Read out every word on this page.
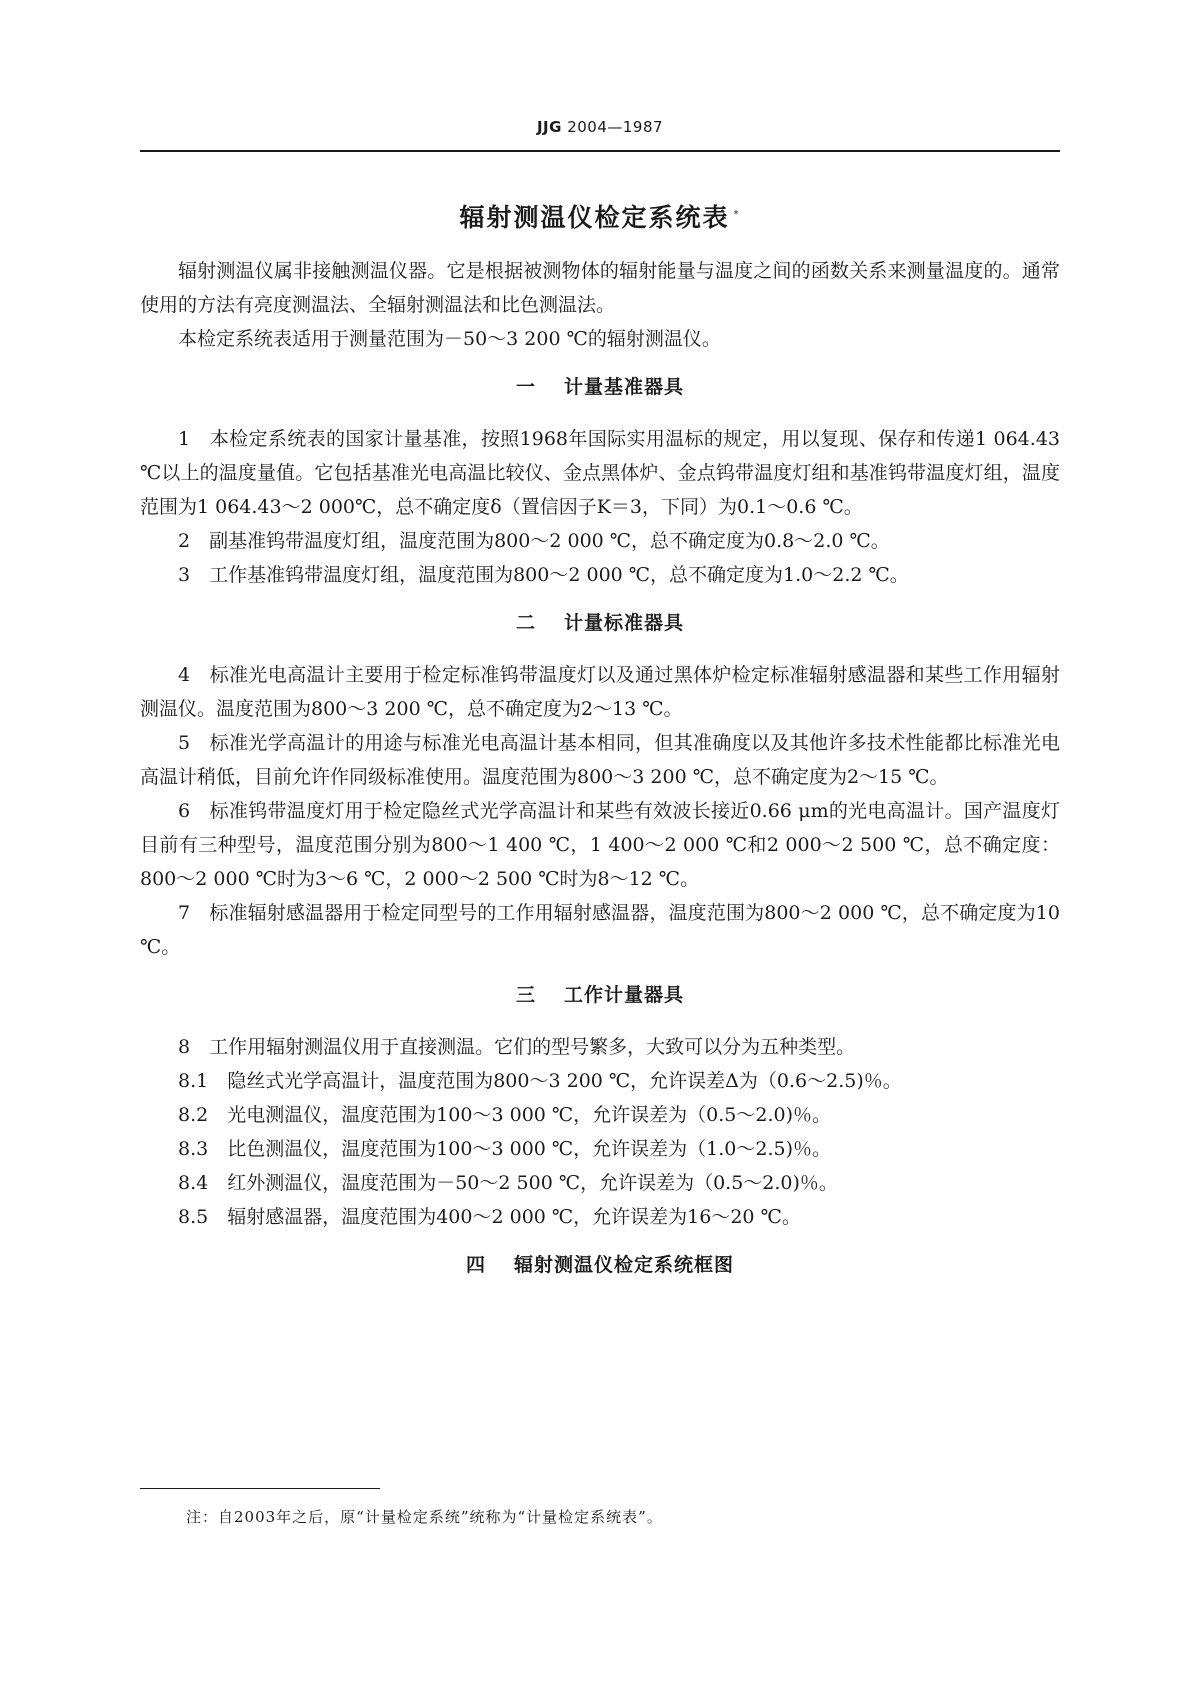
JJG 2004—1987
辐射测温仪检定系统表 *

辐射测温仪属非接触测温仪器。它是根据被测物体的辐射能量与温度之间的函数关系来测量温度的。通常使用的方法有亮度测温法、全辐射测温法和比色测温法。

本检定系统表适用于测量范围为－50～3 200 ℃的辐射测温仪。

一 计量基准器具

1　本检定系统表的国家计量基准，按照1968年国际实用温标的规定，用以复现、保存和传递1 064.43 ℃以上的温度量值。它包括基准光电高温比较仪、金点黑体炉、金点钨带温度灯组和基准钨带温度灯组，温度范围为1 064.43～2 000℃，总不确定度δ（置信因子K＝3，下同）为0.1～0.6 ℃。

2　副基准钨带温度灯组，温度范围为800～2 000 ℃，总不确定度为0.8～2.0 ℃。

3　工作基准钨带温度灯组，温度范围为800～2 000 ℃，总不确定度为1.0～2.2 ℃。

二 计量标准器具

4　标准光电高温计主要用于检定标准钨带温度灯以及通过黑体炉检定标准辐射感温器和某些工作用辐射测温仪。温度范围为800～3 200 ℃，总不确定度为2～13 ℃。

5　标准光学高温计的用途与标准光电高温计基本相同，但其准确度以及其他许多技术性能都比标准光电高温计稍低，目前允许作同级标准使用。温度范围为800～3 200 ℃，总不确定度为2～15 ℃。

6　标准钨带温度灯用于检定隐丝式光学高温计和某些有效波长接近0.66 μm的光电高温计。国产温度灯目前有三种型号，温度范围分别为800～1 400 ℃，1 400～2 000 ℃和2 000～2 500 ℃，总不确定度：800～2 000 ℃时为3～6 ℃，2 000～2 500 ℃时为8～12 ℃。

7　标准辐射感温器用于检定同型号的工作用辐射感温器，温度范围为800～2 000 ℃，总不确定度为10 ℃。

三 工作计量器具

8　工作用辐射测温仪用于直接测温。它们的型号繁多，大致可以分为五种类型。

8.1　隐丝式光学高温计，温度范围为800～3 200 ℃，允许误差Δ为（0.6～2.5)％。

8.2　光电测温仪，温度范围为100～3 000 ℃，允许误差为（0.5～2.0)％。

8.3　比色测温仪，温度范围为100～3 000 ℃，允许误差为（1.0～2.5)％。

8.4　红外测温仪，温度范围为－50～2 500 ℃，允许误差为（0.5～2.0)％。

8.5　辐射感温器，温度范围为400～2 000 ℃，允许误差为16～20 ℃。

四 辐射测温仪检定系统框图
注：自2003年之后，原“计量检定系统”统称为“计量检定系统表”。
